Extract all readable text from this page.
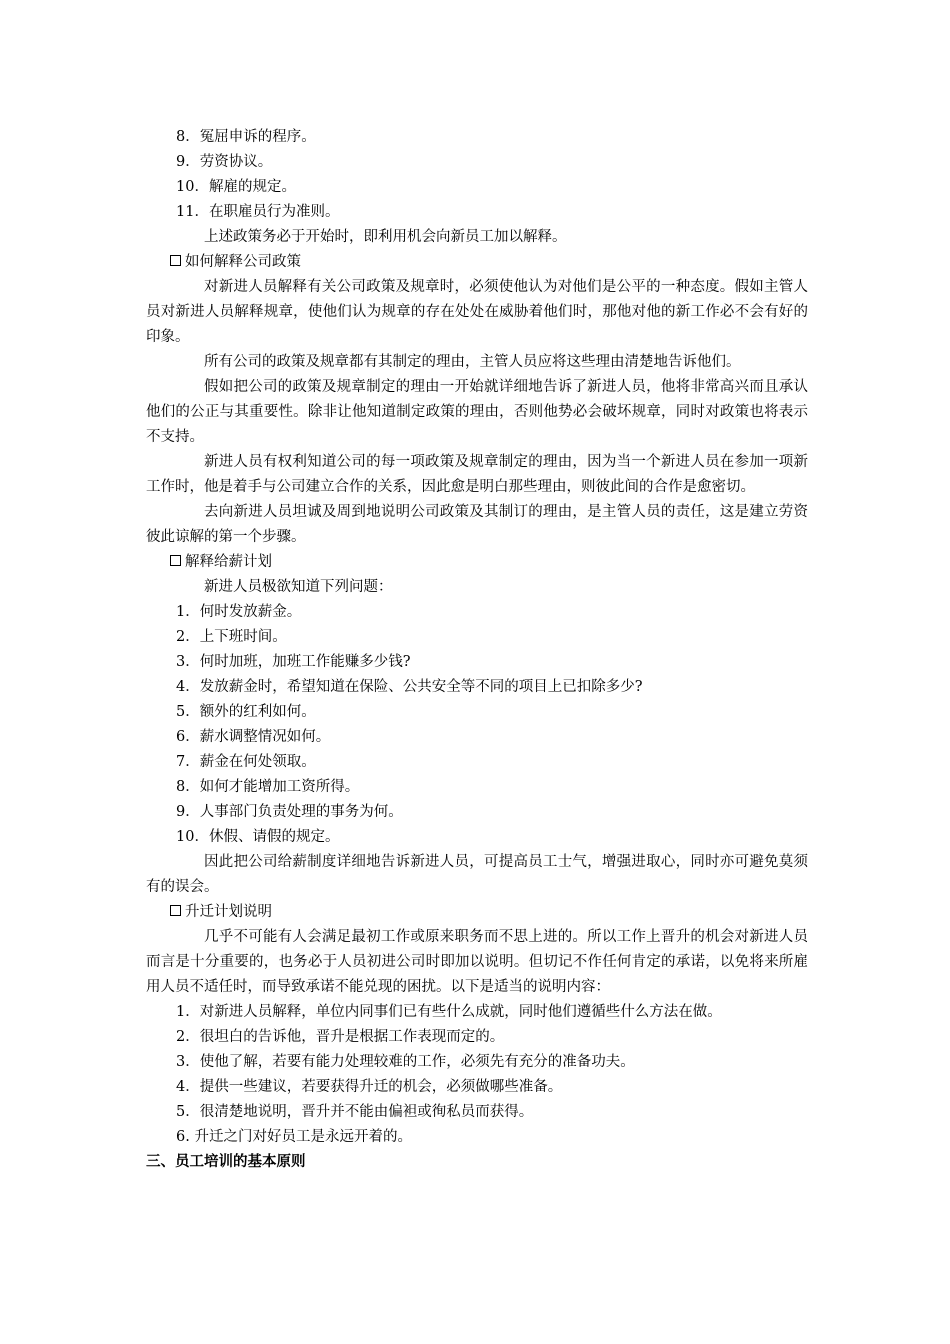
8．冤屈申诉的程序。
9．劳资协议。
10．解雇的规定。
11．在职雇员行为准则。
上述政策务必于开始时，即利用机会向新员工加以解释。
如何解释公司政策
对新进人员解释有关公司政策及规章时，必须使他认为对他们是公平的一种态度。假如主管人员对新进人员解释规章，使他们认为规章的存在处处在威胁着他们时，那他对他的新工作必不会有好的印象。
所有公司的政策及规章都有其制定的理由，主管人员应将这些理由清楚地告诉他们。
假如把公司的政策及规章制定的理由一开始就详细地告诉了新进人员，他将非常高兴而且承认他们的公正与其重要性。除非让他知道制定政策的理由，否则他势必会破坏规章，同时对政策也将表示不支持。
新进人员有权利知道公司的每一项政策及规章制定的理由，因为当一个新进人员在参加一项新工作时，他是着手与公司建立合作的关系，因此愈是明白那些理由，则彼此间的合作是愈密切。
去向新进人员坦诚及周到地说明公司政策及其制订的理由，是主管人员的责任，这是建立劳资彼此谅解的第一个步骤。
解释给薪计划
新进人员极欲知道下列问题：
1．何时发放薪金。
2．上下班时间。
3．何时加班，加班工作能赚多少钱?
4．发放薪金时，希望知道在保险、公共安全等不同的项目上已扣除多少?
5．额外的红利如何。
6．薪水调整情况如何。
7．薪金在何处领取。
8．如何才能增加工资所得。
9．人事部门负责处理的事务为何。
10．休假、请假的规定。
因此把公司给薪制度详细地告诉新进人员，可提高员工士气，增强进取心，同时亦可避免莫须有的误会。
升迁计划说明
几乎不可能有人会满足最初工作或原来职务而不思上进的。所以工作上晋升的机会对新进人员而言是十分重要的，也务必于人员初进公司时即加以说明。但切记不作任何肯定的承诺，以免将来所雇用人员不适任时，而导致承诺不能兑现的困扰。以下是适当的说明内容：
1．对新进人员解释，单位内同事们已有些什么成就，同时他们遵循些什么方法在做。
2．很坦白的告诉他，晋升是根据工作表现而定的。
3．使他了解，若要有能力处理较难的工作，必须先有充分的准备功夫。
4．提供一些建议，若要获得升迁的机会，必须做哪些准备。
5．很清楚地说明，晋升并不能由偏袒或徇私员而获得。
6. 升迁之门对好员工是永远开着的。
三、员工培训的基本原则
